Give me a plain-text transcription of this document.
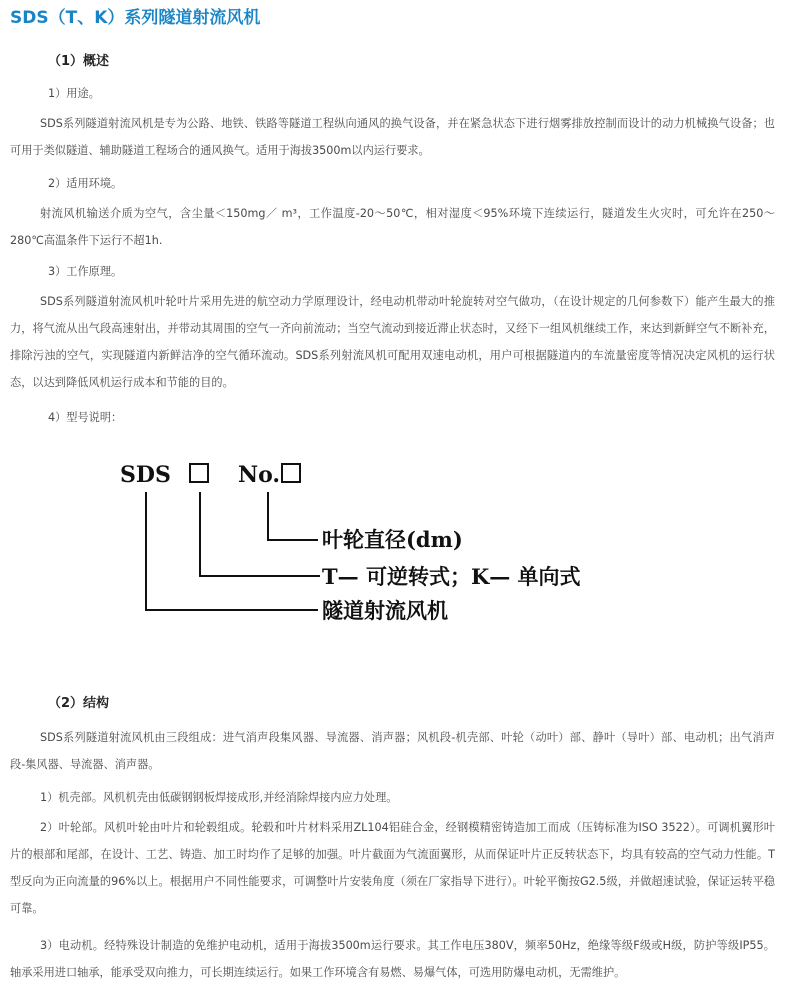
SDS（T、K）系列隧道射流风机
（1）概述
1）用途。
SDS系列隧道射流风机是专为公路、地铁、铁路等隧道工程纵向通风的换气设备，并在紧急状态下进行烟雾排放控制而设计的动力机械换气设备；也可用于类似隧道、辅助隧道工程场合的通风换气。适用于海拔3500m以内运行要求。
2）适用环境。
射流风机输送介质为空气，含尘量＜150mg／ m³，工作温度-20～50℃，相对湿度＜95%环境下连续运行，隧道发生火灾时，可允许在250～280℃高温条件下运行不超1h.
3）工作原理。
SDS系列隧道射流风机叶轮叶片采用先进的航空动力学原理设计，经电动机带动叶轮旋转对空气做功，（在设计规定的几何参数下）能产生最大的推力，将气流从出气段高速射出，并带动其周围的空气一齐向前流动；当空气流动到接近滞止状态时，又经下一组风机继续工作，来达到新鲜空气不断补充，排除污浊的空气，实现隧道内新鲜洁净的空气循环流动。SDS系列射流风机可配用双速电动机，用户可根据隧道内的车流量密度等情况决定风机的运行状态，以达到降低风机运行成本和节能的目的。
4）型号说明：
SDS	No.
叶轮直径(dm)
T— 可逆转式；K— 单向式
隧道射流风机
（2）结构
SDS系列隧道射流风机由三段组成：进气消声段集风器、导流器、消声器；风机段-机壳部、叶轮（动叶）部、静叶（导叶）部、电动机；出气消声段-集风器、导流器、消声器。
1）机壳部。风机机壳由低碳钢钢板焊接成形,并经消除焊接内应力处理。
2）叶轮部。风机叶轮由叶片和轮毂组成。轮毂和叶片材料采用ZL104铝硅合金，经钢模精密铸造加工而成（压铸标准为ISO 3522）。可调机翼形叶片的根部和尾部，在设计、工艺、铸造、加工时均作了足够的加强。叶片截面为气流面翼形，从而保证叶片正反转状态下，均具有较高的空气动力性能。T型反向为正向流量的96%以上。根据用户不同性能要求，可调整叶片安装角度（须在厂家指导下进行）。叶轮平衡按G2.5级，并做超速试验，保证运转平稳可靠。
3）电动机。经特殊设计制造的免维护电动机，适用于海拔3500m运行要求。其工作电压380V，频率50Hz，绝缘等级F级或H级，防护等级IP55。轴承采用进口轴承，能承受双向推力，可长期连续运行。如果工作环境含有易燃、易爆气体，可选用防爆电动机，无需维护。
